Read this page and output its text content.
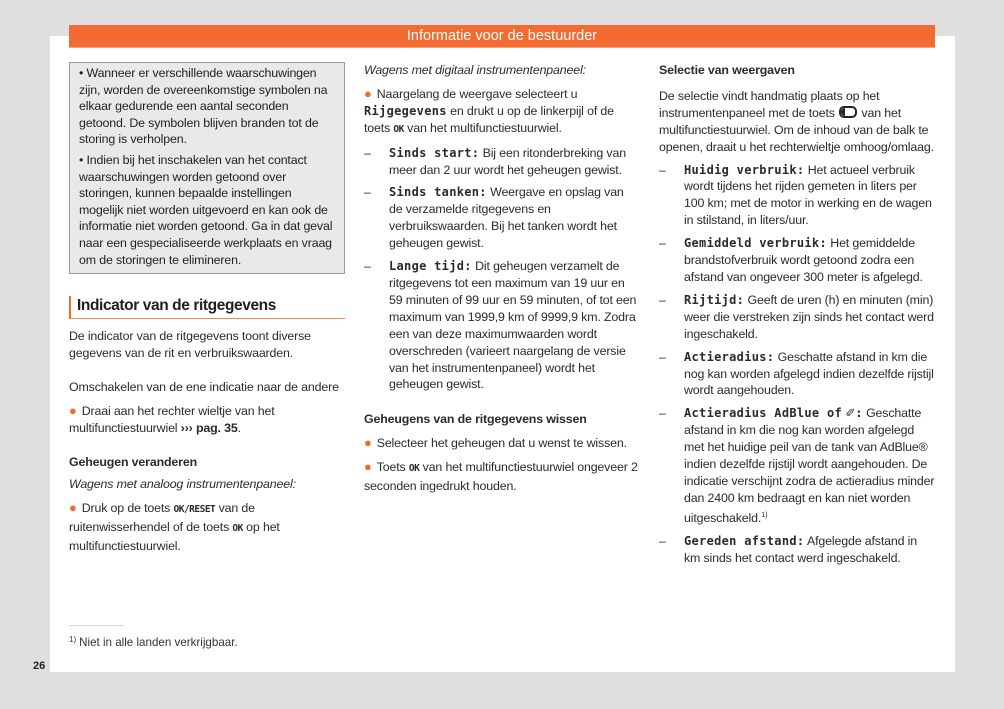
Informatie voor de bestuurder

• Wanneer er verschillende waarschuwingen zijn, worden de overeenkomstige symbolen na elkaar gedurende een aantal seconden getoond. De symbolen blijven branden tot de storing is verholpen.

• Indien bij het inschakelen van het contact waarschuwingen worden getoond over storingen, kunnen bepaalde instellingen mogelijk niet worden uitgevoerd en kan ook de informatie niet worden getoond. Ga in dat geval naar een gespecialiseerde werkplaats en vraag om de storingen te elimineren.

Indicator van de ritgegevens

De indicator van de ritgegevens toont diverse gegevens van de rit en verbruikswaarden.

Omschakelen van de ene indicatie naar de andere

● Draai aan het rechter wieltje van het multifunctiestuurwiel ››› pag. 35.

Geheugen veranderen

Wagens met analoog instrumentenpaneel:

● Druk op de toets OK/RESET van de ruitenwisserhendel of de toets OK op het multifunctiestuurwiel.

Wagens met digitaal instrumentenpaneel:

● Naargelang de weergave selecteert u Rijgegevens en drukt u op de linkerpijl of de toets OK van het multifunctiestuurwiel.

–	Sinds start: Bij een ritonderbreking van meer dan 2 uur wordt het geheugen gewist.
–	Sinds tanken: Weergave en opslag van de verzamelde ritgegevens en verbruikswaarden. Bij het tanken wordt het geheugen gewist.
–	Lange tijd: Dit geheugen verzamelt de ritgegevens tot een maximum van 19 uur en 59 minuten of 99 uur en 59 minuten, of tot een maximum van 1999,9 km of 9999,9 km. Zodra een van deze maximumwaarden wordt overschreden (varieert naargelang de versie van het instrumentenpaneel) wordt het geheugen gewist.

Geheugens van de ritgegevens wissen

● Selecteer het geheugen dat u wenst te wissen.

● Toets OK van het multifunctiestuurwiel ongeveer 2 seconden ingedrukt houden.

Selectie van weergaven

De selectie vindt handmatig plaats op het instrumentenpaneel met de toets van het multifunctiestuurwiel. Om de inhoud van de balk te openen, draait u het rechterwieltje omhoog/omlaag.

–	Huidig verbruik: Het actueel verbruik wordt tijdens het rijden gemeten in liters per 100 km; met de motor in werking en de wagen in stilstand, in liters/uur.
–	Gemiddeld verbruik: Het gemiddelde brandstofverbruik wordt getoond zodra een afstand van ongeveer 300 meter is afgelegd.
–	Rijtijd: Geeft de uren (h) en minuten (min) weer die verstreken zijn sinds het contact werd ingeschakeld.
–	Actieradius: Geschatte afstand in km die nog kan worden afgelegd indien dezelfde rijstijl wordt aangehouden.
–	Actieradius AdBlue of ✐: Geschatte afstand in km die nog kan worden afgelegd met het huidige peil van de tank van AdBlue® indien dezelfde rijstijl wordt aangehouden. De indicatie verschijnt zodra de actieradius minder dan 2400 km bedraagt en kan niet worden uitgeschakeld.$^{1)}$
–	Gereden afstand: Afgelegde afstand in km sinds het contact werd ingeschakeld.
$^{1)}$ Niet in alle landen verkrijgbaar.
26
